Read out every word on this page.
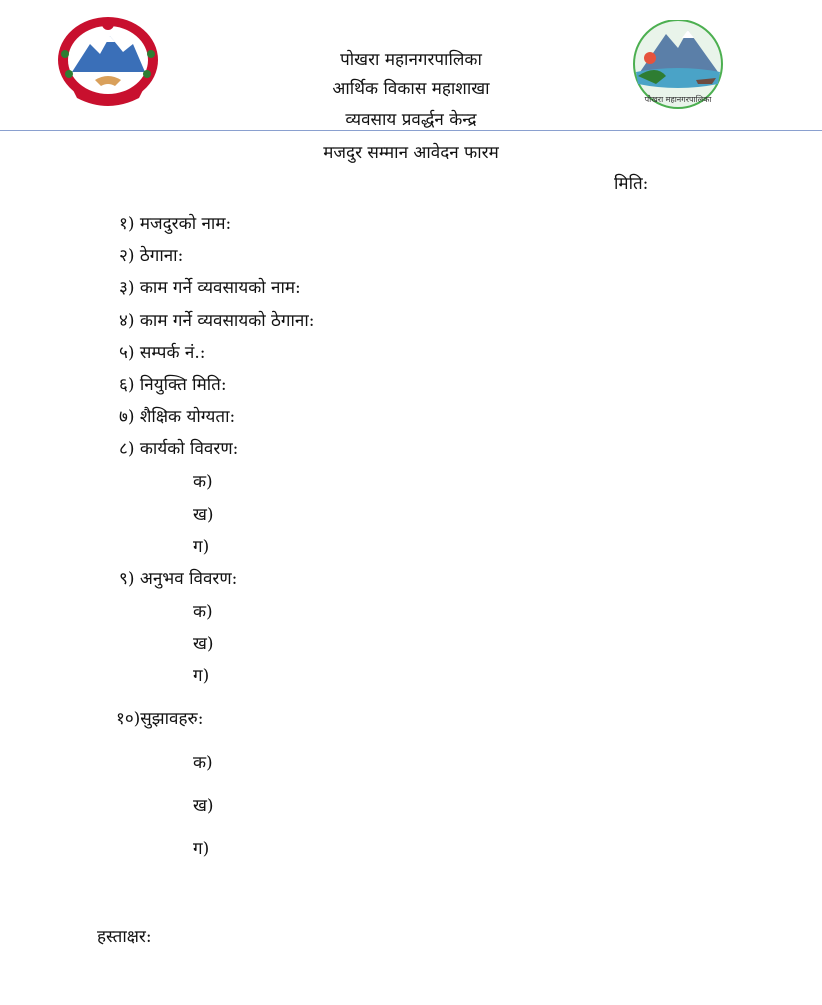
पोखरा महानगरपालिका
पोखरा महानगरपालिका
आर्थिक विकास महाशाखा
व्यवसाय प्रवर्द्धन केन्द्र
मजदुर सम्मान आवेदन फारम
मिति:
१) मजदुरको नाम:
२) ठेगाना:
३) काम गर्ने व्यवसायको नाम:
४) काम गर्ने व्यवसायको ठेगाना:
५) सम्पर्क नं.:
६) नियुक्ति मिति:
७) शैक्षिक योग्यता:
८) कार्यको विवरण:
क)
ख)
ग)
९) अनुभव विवरण:
क)
ख)
ग)
१०)सुझावहरु:
क)
ख)
ग)
हस्ताक्षर:
